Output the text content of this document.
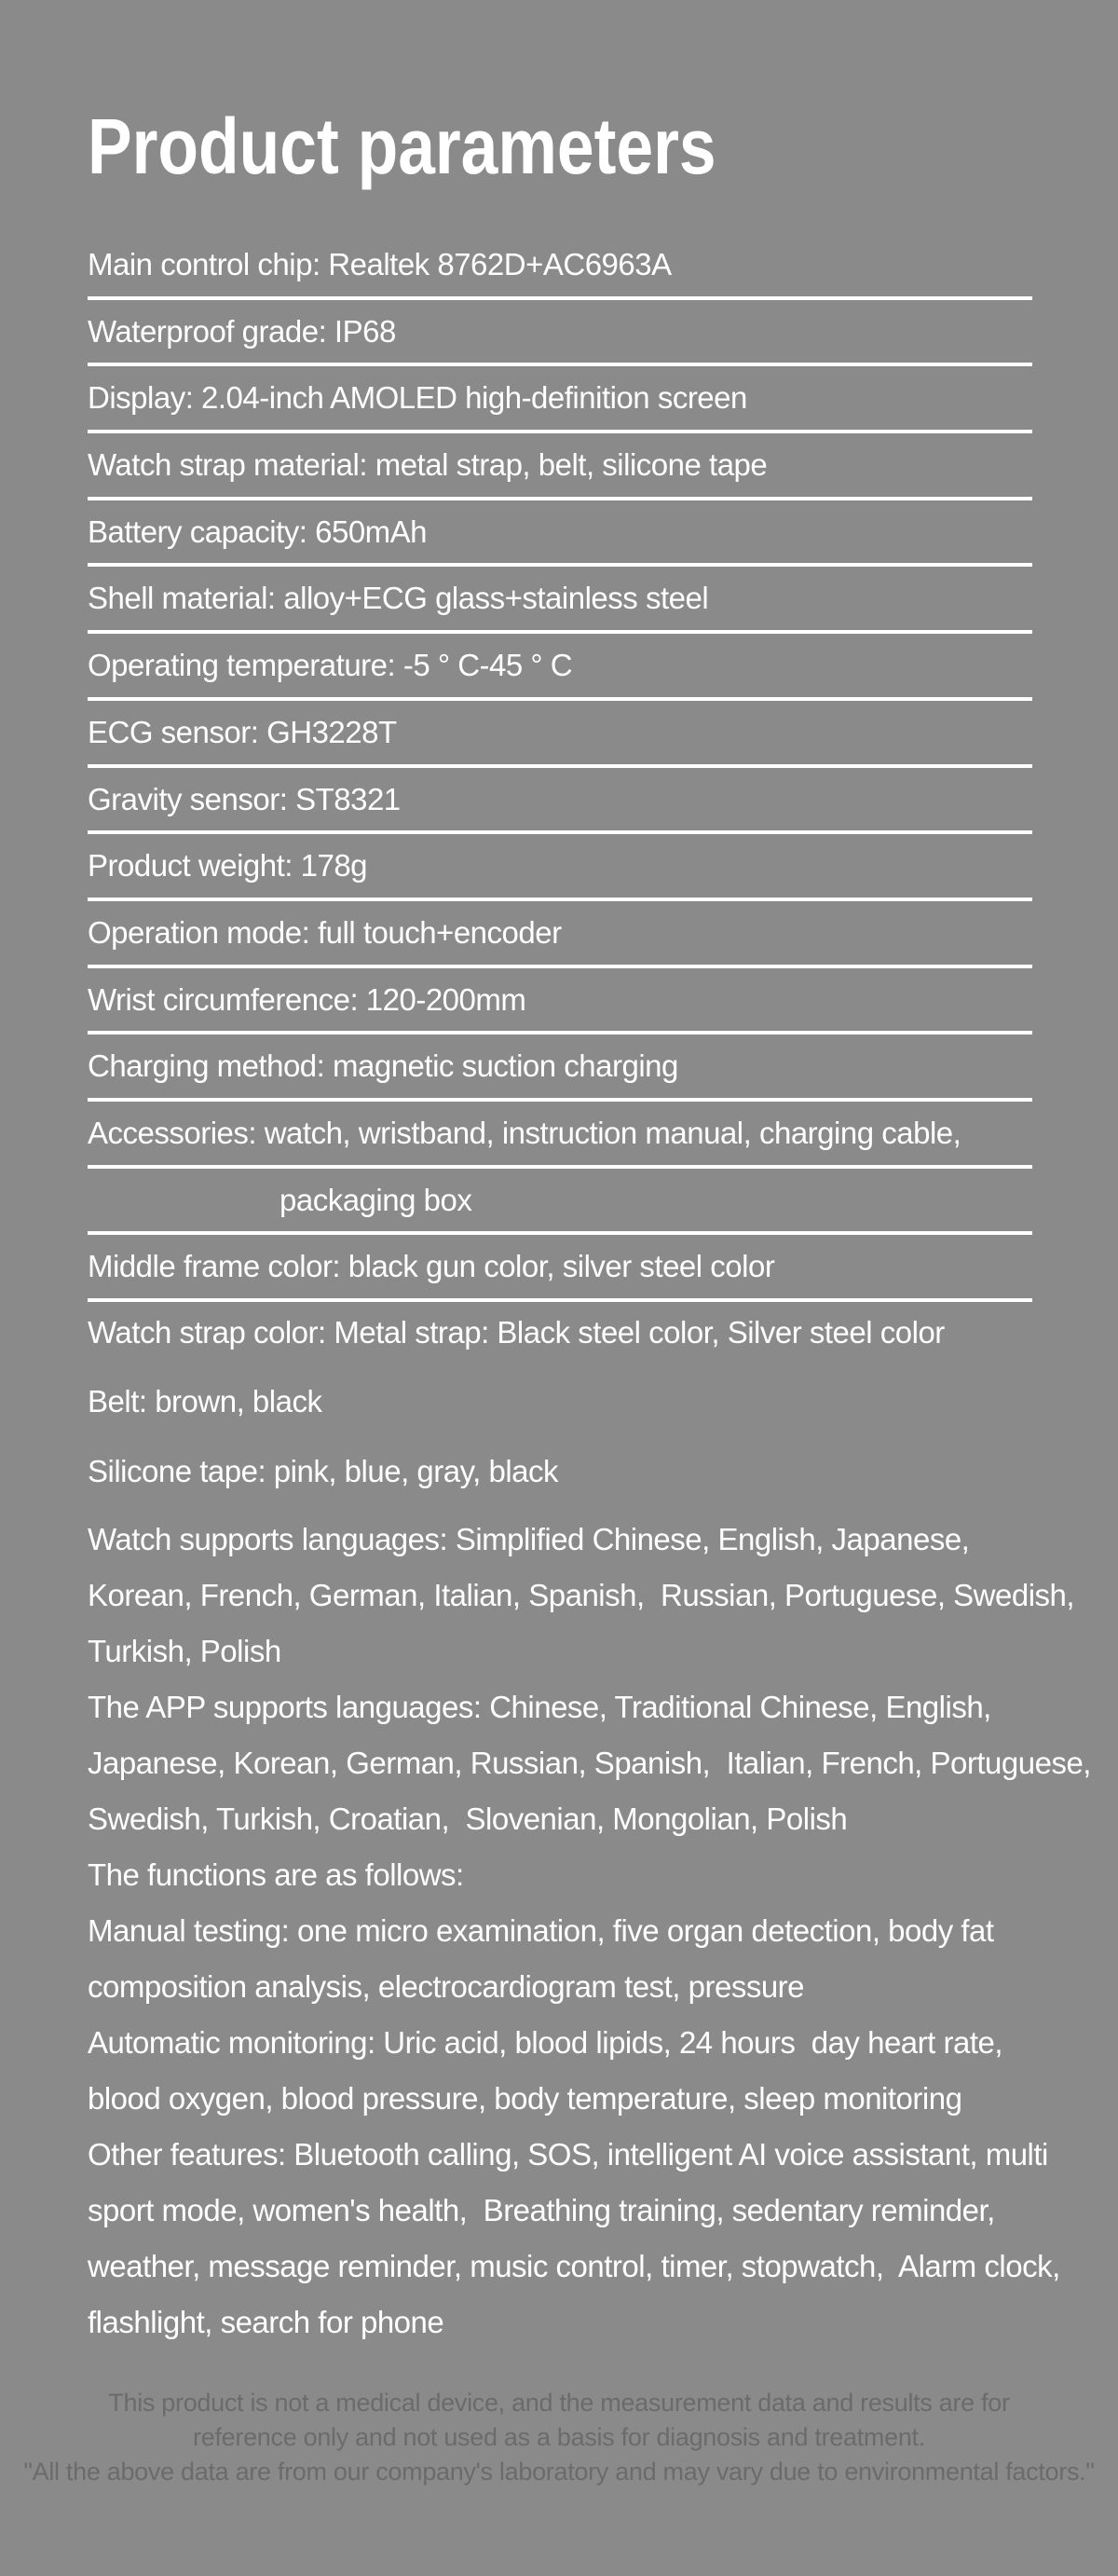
Product parameters
Main control chip: Realtek 8762D+AC6963A
Waterproof grade: IP68
Display: 2.04-inch AMOLED high-definition screen
Watch strap material: metal strap, belt, silicone tape
Battery capacity: 650mAh
Shell material: alloy+ECG glass+stainless steel
Operating temperature: -5 ° C-45 ° C
ECG sensor: GH3228T
Gravity sensor: ST8321
Product weight: 178g
Operation mode: full touch+encoder
Wrist circumference: 120-200mm
Charging method: magnetic suction charging
Accessories: watch, wristband, instruction manual, charging cable,
packaging box
Middle frame color: black gun color, silver steel color
Watch strap color: Metal strap: Black steel color, Silver steel color
Belt: brown, black
Silicone tape: pink, blue, gray, black
Watch supports languages: Simplified Chinese, English, Japanese,
Korean, French, German, Italian, Spanish,  Russian, Portuguese, Swedish,
Turkish, Polish
The APP supports languages: Chinese, Traditional Chinese, English,
Japanese, Korean, German, Russian, Spanish,  Italian, French, Portuguese,
Swedish, Turkish, Croatian,  Slovenian, Mongolian, Polish
The functions are as follows:
Manual testing: one micro examination, five organ detection, body fat
composition analysis, electrocardiogram test, pressure
Automatic monitoring: Uric acid, blood lipids, 24 hours  day heart rate,
blood oxygen, blood pressure, body temperature, sleep monitoring
Other features: Bluetooth calling, SOS, intelligent AI voice assistant, multi
sport mode, women's health,  Breathing training, sedentary reminder,
weather, message reminder, music control, timer, stopwatch,  Alarm clock,
flashlight, search for phone
This product is not a medical device, and the measurement data and results are for
reference only and not used as a basis for diagnosis and treatment.
"All the above data are from our company's laboratory and may vary due to environmental factors."
